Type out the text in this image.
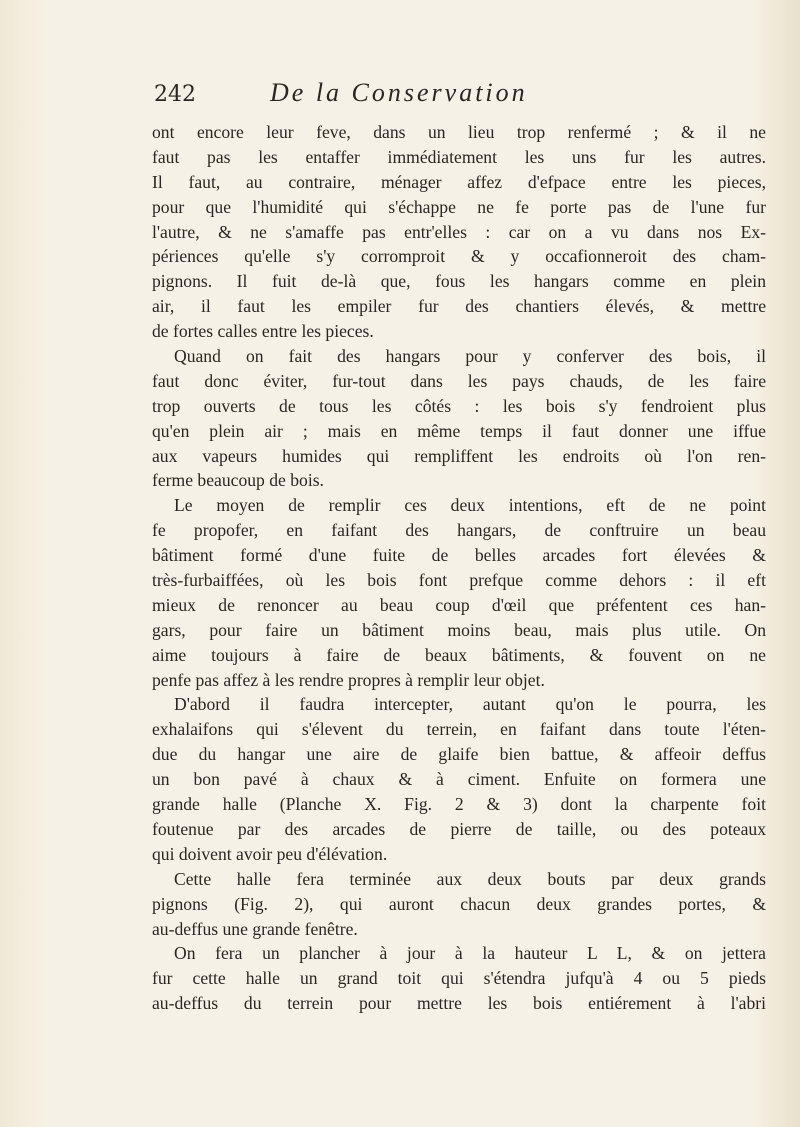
242	De la Conservation
ont encore leur feve, dans un lieu trop renfermé ; & il ne
faut pas les entaffer immédiatement les uns fur les autres.
Il faut, au contraire, ménager affez d'efpace entre les pieces,
pour que l'humidité qui s'échappe ne fe porte pas de l'une fur
l'autre, & ne s'amaffe pas entr'elles : car on a vu dans nos Ex-
périences qu'elle s'y corromproit & y occafionneroit des cham-
pignons. Il fuit de-là que, fous les hangars comme en plein
air, il faut les empiler fur des chantiers élevés, & mettre
de fortes calles entre les pieces.
Quand on fait des hangars pour y conferver des bois, il
faut donc éviter, fur-tout dans les pays chauds, de les faire
trop ouverts de tous les côtés : les bois s'y fendroient plus
qu'en plein air ; mais en même temps il faut donner une iffue
aux vapeurs humides qui rempliffent les endroits où l'on ren-
ferme beaucoup de bois.
Le moyen de remplir ces deux intentions, eft de ne point
fe propofer, en faifant des hangars, de conftruire un beau
bâtiment formé d'une fuite de belles arcades fort élevées &
très-furbaiffées, où les bois font prefque comme dehors : il eft
mieux de renoncer au beau coup d'œil que préfentent ces han-
gars, pour faire un bâtiment moins beau, mais plus utile. On
aime toujours à faire de beaux bâtiments, & fouvent on ne
penfe pas affez à les rendre propres à remplir leur objet.
D'abord il faudra intercepter, autant qu'on le pourra, les
exhalaifons qui s'élevent du terrein, en faifant dans toute l'éten-
due du hangar une aire de glaife bien battue, & affeoir deffus
un bon pavé à chaux & à ciment. Enfuite on formera une
grande halle (Planche X. Fig. 2 & 3) dont la charpente foit
foutenue par des arcades de pierre de taille, ou des poteaux
qui doivent avoir peu d'élévation.
Cette halle fera terminée aux deux bouts par deux grands
pignons (Fig. 2), qui auront chacun deux grandes portes, &
au-deffus une grande fenêtre.
On fera un plancher à jour à la hauteur L L, & on jettera
fur cette halle un grand toit qui s'étendra jufqu'à 4 ou 5 pieds
au-deffus du terrein pour mettre les bois entiérement à l'abri
